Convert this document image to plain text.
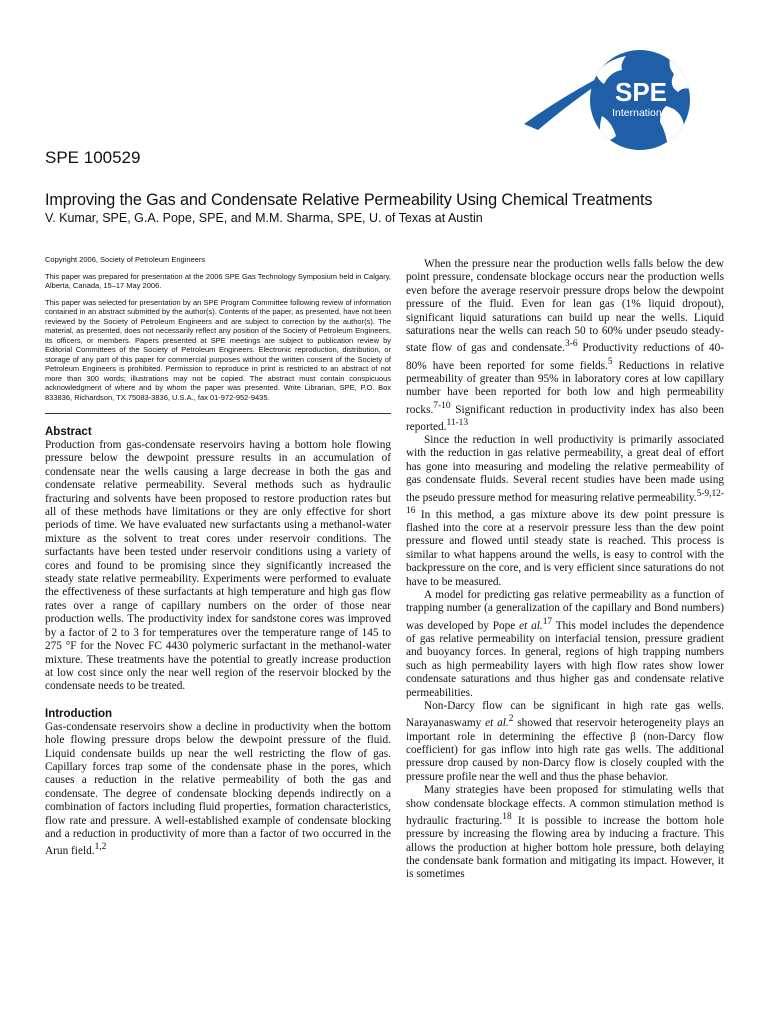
SPE
International
SPE 100529
Improving the Gas and Condensate Relative Permeability Using Chemical Treatments
V. Kumar, SPE, G.A. Pope, SPE, and M.M. Sharma, SPE, U. of Texas at Austin

Copyright 2006, Society of Petroleum Engineers

This paper was prepared for presentation at the 2006 SPE Gas Technology Symposium held in Calgary, Alberta, Canada, 15–17 May 2006.

This paper was selected for presentation by an SPE Program Committee following review of information contained in an abstract submitted by the author(s). Contents of the paper, as presented, have not been reviewed by the Society of Petroleum Engineers and are subject to correction by the author(s). The material, as presented, does not necessarily reflect any position of the Society of Petroleum Engineers, its officers, or members. Papers presented at SPE meetings are subject to publication review by Editorial Committees of the Society of Petroleum Engineers. Electronic reproduction, distribution, or storage of any part of this paper for commercial purposes without the written consent of the Society of Petroleum Engineers is prohibited. Permission to reproduce in print is restricted to an abstract of not more than 300 words; illustrations may not be copied. The abstract must contain conspicuous acknowledgment of where and by whom the paper was presented. Write Librarian, SPE, P.O. Box 833836, Richardson, TX 75083-3836, U.S.A., fax 01-972-952-9435.

Abstract

Production from gas-condensate reservoirs having a bottom hole flowing pressure below the dewpoint pressure results in an accumulation of condensate near the wells causing a large decrease in both the gas and condensate relative permeability. Several methods such as hydraulic fracturing and solvents have been proposed to restore production rates but all of these methods have limitations or they are only effective for short periods of time. We have evaluated new surfactants using a methanol-water mixture as the solvent to treat cores under reservoir conditions. The surfactants have been tested under reservoir conditions using a variety of cores and found to be promising since they significantly increased the steady state relative permeability. Experiments were performed to evaluate the effectiveness of these surfactants at high temperature and high gas flow rates over a range of capillary numbers on the order of those near production wells. The productivity index for sandstone cores was improved by a factor of 2 to 3 for temperatures over the temperature range of 145 to 275 °F for the Novec FC 4430 polymeric surfactant in the methanol-water mixture. These treatments have the potential to greatly increase production at low cost since only the near well region of the reservoir blocked by the condensate needs to be treated.

Introduction

Gas-condensate reservoirs show a decline in productivity when the bottom hole flowing pressure drops below the dewpoint pressure of the fluid. Liquid condensate builds up near the well restricting the flow of gas. Capillary forces trap some of the condensate phase in the pores, which causes a reduction in the relative permeability of both the gas and condensate. The degree of condensate blocking depends indirectly on a combination of factors including fluid properties, formation characteristics, flow rate and pressure. A well-established example of condensate blocking and a reduction in productivity of more than a factor of two occurred in the Arun field.$^{1,2}$

When the pressure near the production wells falls below the dew point pressure, condensate blockage occurs near the production wells even before the average reservoir pressure drops below the dewpoint pressure of the fluid. Even for lean gas (1% liquid dropout), significant liquid saturations can build up near the wells. Liquid saturations near the wells can reach 50 to 60% under pseudo steady-state flow of gas and condensate.$^{3-6}$ Productivity reductions of 40-80% have been reported for some fields.$^5$ Reductions in relative permeability of greater than 95% in laboratory cores at low capillary number have been reported for both low and high permeability rocks.$^{7-10}$ Significant reduction in productivity index has also been reported.$^{11-13}$

Since the reduction in well productivity is primarily associated with the reduction in gas relative permeability, a great deal of effort has gone into measuring and modeling the relative permeability of gas condensate fluids. Several recent studies have been made using the pseudo pressure method for measuring relative permeability.$^{5-9,12-16}$ In this method, a gas mixture above its dew point pressure is flashed into the core at a reservoir pressure less than the dew point pressure and flowed until steady state is reached. This process is similar to what happens around the wells, is easy to control with the backpressure on the core, and is very efficient since saturations do not have to be measured.

A model for predicting gas relative permeability as a function of trapping number (a generalization of the capillary and Bond numbers) was developed by Pope et al.$^{17}$ This model includes the dependence of gas relative permeability on interfacial tension, pressure gradient and buoyancy forces. In general, regions of high trapping numbers such as high permeability layers with high flow rates show lower condensate saturations and thus higher gas and condensate relative permeabilities.

Non-Darcy flow can be significant in high rate gas wells. Narayanaswamy et al.$^2$ showed that reservoir heterogeneity plays an important role in determining the effective β (non-Darcy flow coefficient) for gas inflow into high rate gas wells. The additional pressure drop caused by non-Darcy flow is closely coupled with the pressure profile near the well and thus the phase behavior.

Many strategies have been proposed for stimulating wells that show condensate blockage effects. A common stimulation method is hydraulic fracturing.$^{18}$ It is possible to increase the bottom hole pressure by increasing the flowing area by inducing a fracture. This allows the production at higher bottom hole pressure, both delaying the condensate bank formation and mitigating its impact. However, it is sometimes
